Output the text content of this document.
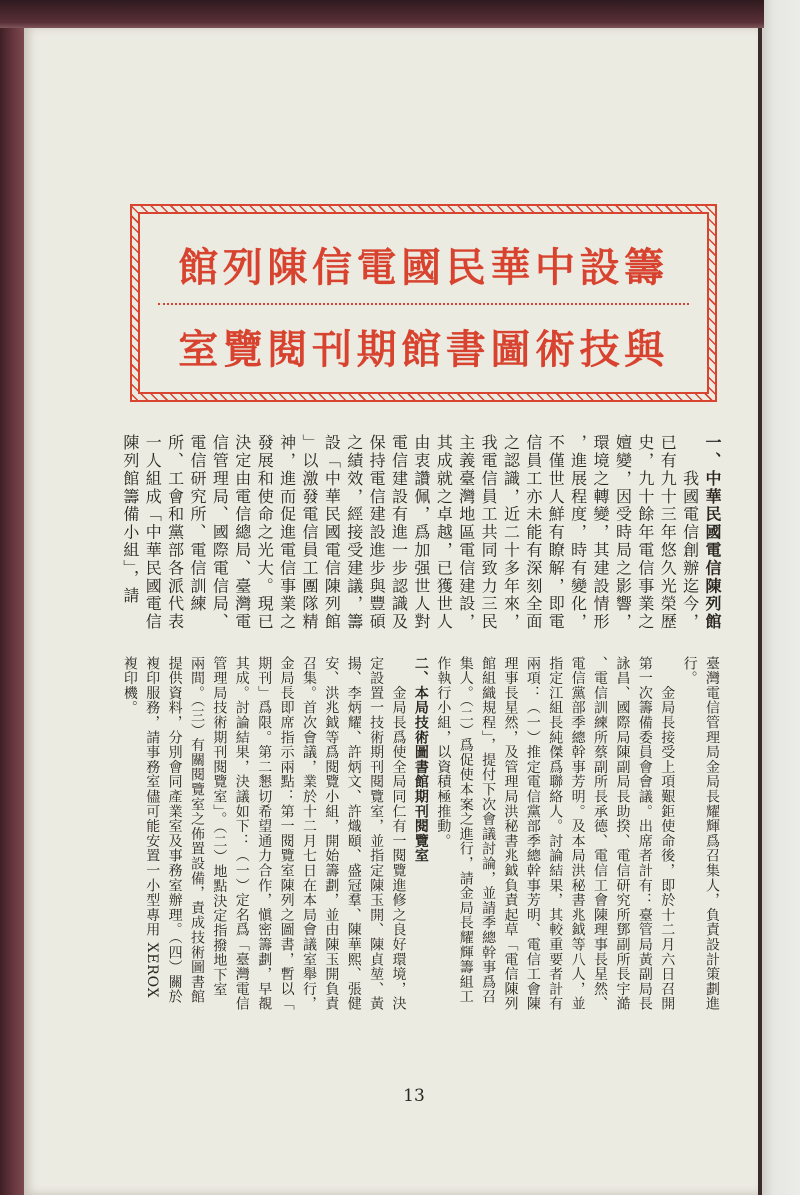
籌設中華民國電信陳列館
與技術圖書館期刊閱覽室
一、中華民國電信陳列館
　　我國電信創辦迄今，
已有九十三年悠久光榮歷
史，九十餘年電信事業之
嬗變，因受時局之影響，
環境之轉變，其建設情形
，進展程度，時有變化，
不僅世人鮮有瞭解，即電
信員工亦未能有深刻全面
之認識，近二十多年來，
我電信員工共同致力三民
主義臺灣地區電信建設，
其成就之卓越，已獲世人
由衷讚佩，爲加强世人對
電信建設有進一步認識及
保持電信建設進步與豐碩
之績效，經接受建議，籌
設「中華民國電信陳列館
」以激發電信員工團隊精
神，進而促進電信事業之
發展和使命之光大。現已
決定由電信總局、臺灣電
信管理局、國際電信局、
電信研究所、電信訓練
所、工會和黨部各派代表
一人組成「中華民國電信
陳列館籌備小組」，請
臺灣電信管理局金局長耀輝爲召集人，負責設計策劃進
行。
　　金局長接受上項艱鉅使命後，即於十二月六日召開
第一次籌備委員會會議。出席者計有：臺管局黃副局長
詠昌、國際局陳副局長助揆、電信研究所鄧副所長宇澔
、電信訓練所蔡副所長承德、電信工會陳理事長星然、
電信黨部季總幹事芳明。及本局洪秘書兆鉞等八人，並
指定江組長純傑爲聯絡人。討論結果，其較重要者計有
兩項：（一）推定電信黨部季總幹事芳明、電信工會陳
理事長星然，及管理局洪秘書兆鉞負責起草「電信陳列
館組織規程」，提付下次會議討論，並請季總幹事爲召
集人。（二）爲促使本案之進行，請金局長耀輝籌組工
作執行小組，以資積極推動。
二、本局技術圖書館期刊閱覽室
　　金局長爲使全局同仁有一閱覽進修之良好環境，決
定設置一技術期刊閱覽室，並指定陳玉開、陳貞堃、黃
揚、李炳耀、許炳文、許熾頤、盛冠羣、陳華熙、張健
安、洪兆鉞等爲閱覽小組，開始籌劃，並由陳玉開負責
召集。首次會議，業於十二月七日在本局會議室舉行，
金局長即席指示兩點：第一閱覽室陳列之圖書，暫以「
期刊」爲限。第二懇切希望通力合作，愼密籌劃，早覩
其成。討論結果，決議如下：（一）定名爲「臺灣電信
管理局技術期刊閱覽室」。（二）地點決定指撥地下室
兩間。（三）有關閱覽室之佈置設備，責成技術圖書館
提供資料，分別會同產業室及事務室辦理。（四）關於
複印服務，請事務室儘可能安置一小型專用 XEROX
複印機。
13
